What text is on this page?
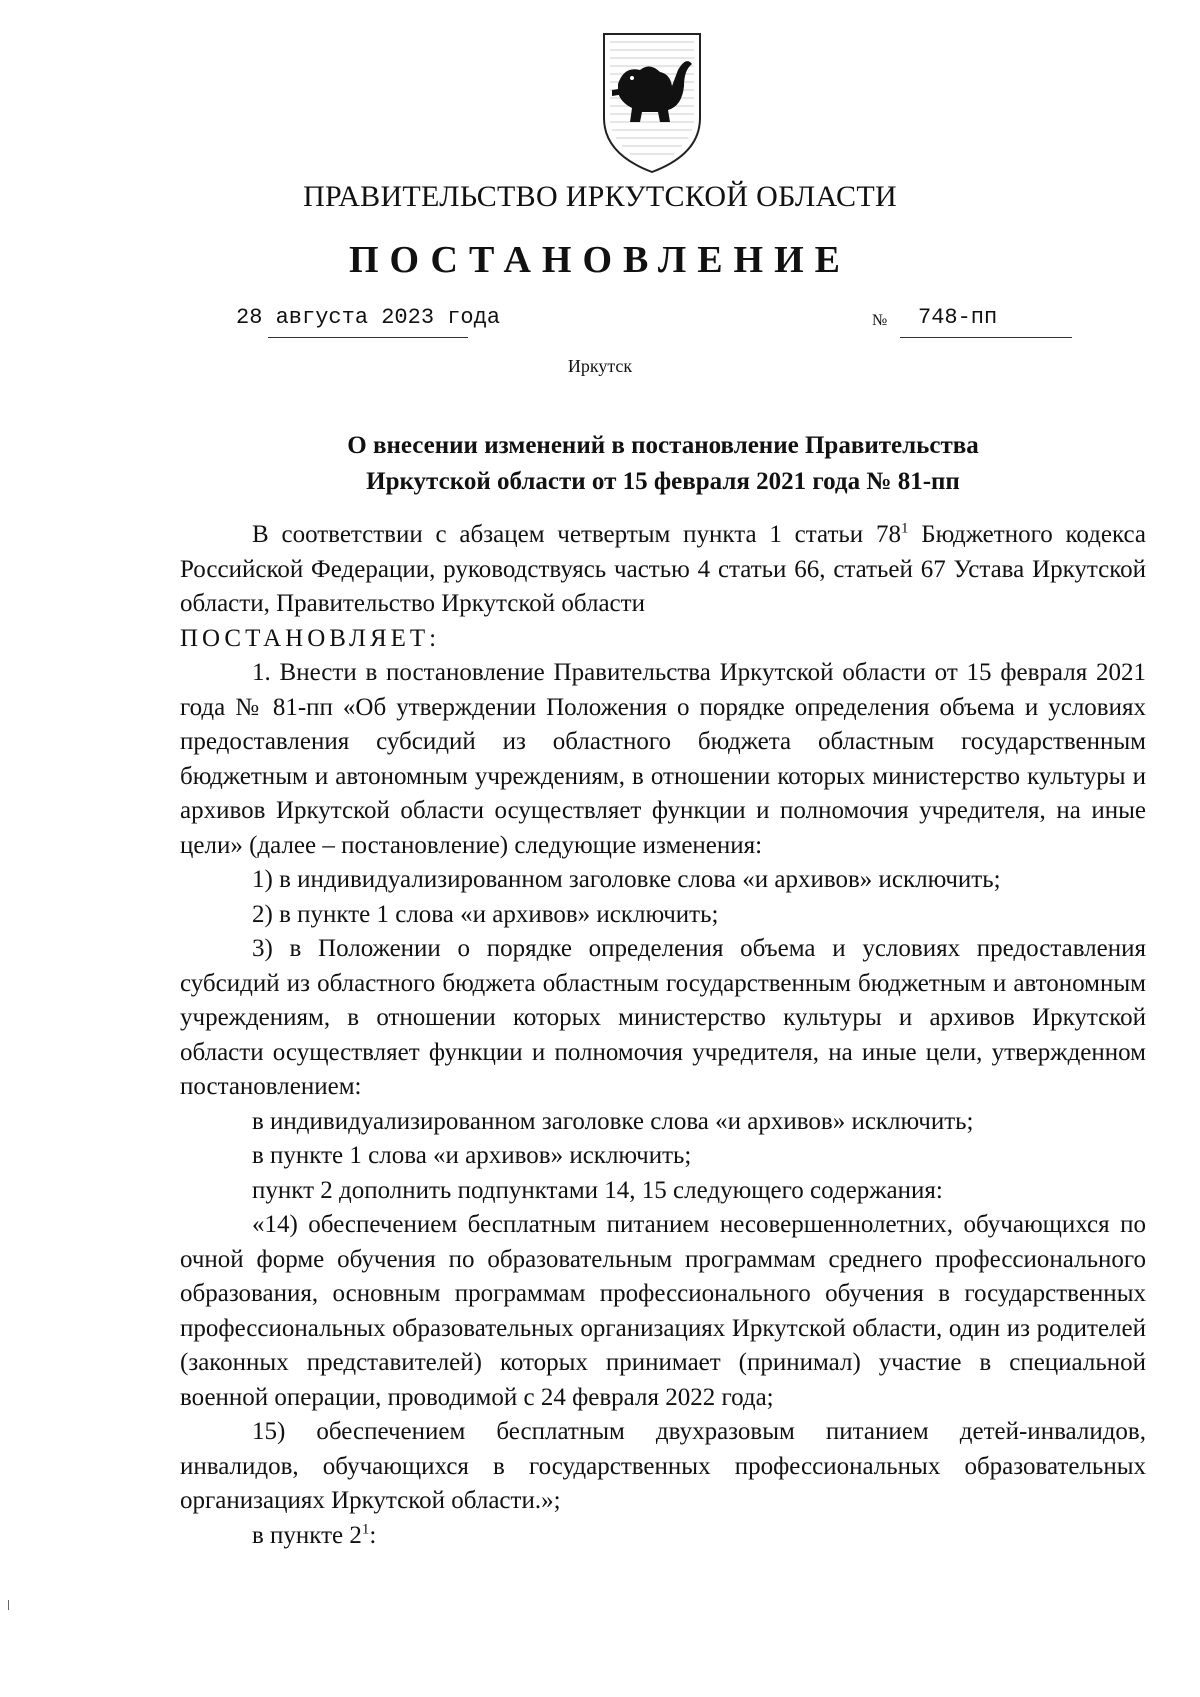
ПРАВИТЕЛЬСТВО ИРКУТСКОЙ ОБЛАСТИ
ПОСТАНОВЛЕНИЕ
28 августа 2023 года	№ 748-пп
Иркутск
О внесении изменений в постановление Правительства
Иркутской области от 15 февраля 2021 года № 81-пп

В соответствии с абзацем четвертым пункта 1 статьи $78^1$ Бюджетного кодекса Российской Федерации, руководствуясь частью 4 статьи 66, статьей 67 Устава Иркутской области, Правительство Иркутской области

ПОСТАНОВЛЯЕТ:

1. Внести в постановление Правительства Иркутской области от 15 февраля 2021 года № 81-пп «Об утверждении Положения о порядке определения объема и условиях предоставления субсидий из областного бюджета областным государственным бюджетным и автономным учреждениям, в отношении которых министерство культуры и архивов Иркутской области осуществляет функции и полномочия учредителя, на иные цели» (далее – постановление) следующие изменения:

1) в индивидуализированном заголовке слова «и архивов» исключить;

2) в пункте 1 слова «и архивов» исключить;

3) в Положении о порядке определения объема и условиях предоставления субсидий из областного бюджета областным государственным бюджетным и автономным учреждениям, в отношении которых министерство культуры и архивов Иркутской области осуществляет функции и полномочия учредителя, на иные цели, утвержденном постановлением:

в индивидуализированном заголовке слова «и архивов» исключить;

в пункте 1 слова «и архивов» исключить;

пункт 2 дополнить подпунктами 14, 15 следующего содержания:

«14) обеспечением бесплатным питанием несовершеннолетних, обучающихся по очной форме обучения по образовательным программам среднего профессионального образования, основным программам профессионального обучения в государственных профессиональных образовательных организациях Иркутской области, один из родителей (законных представителей) которых принимает (принимал) участие в специальной военной операции, проводимой с 24 февраля 2022 года;

15) обеспечением бесплатным двухразовым питанием детей-инвалидов, инвалидов, обучающихся в государственных профессиональных образовательных организациях Иркутской области.»;

в пункте $2^1$:
